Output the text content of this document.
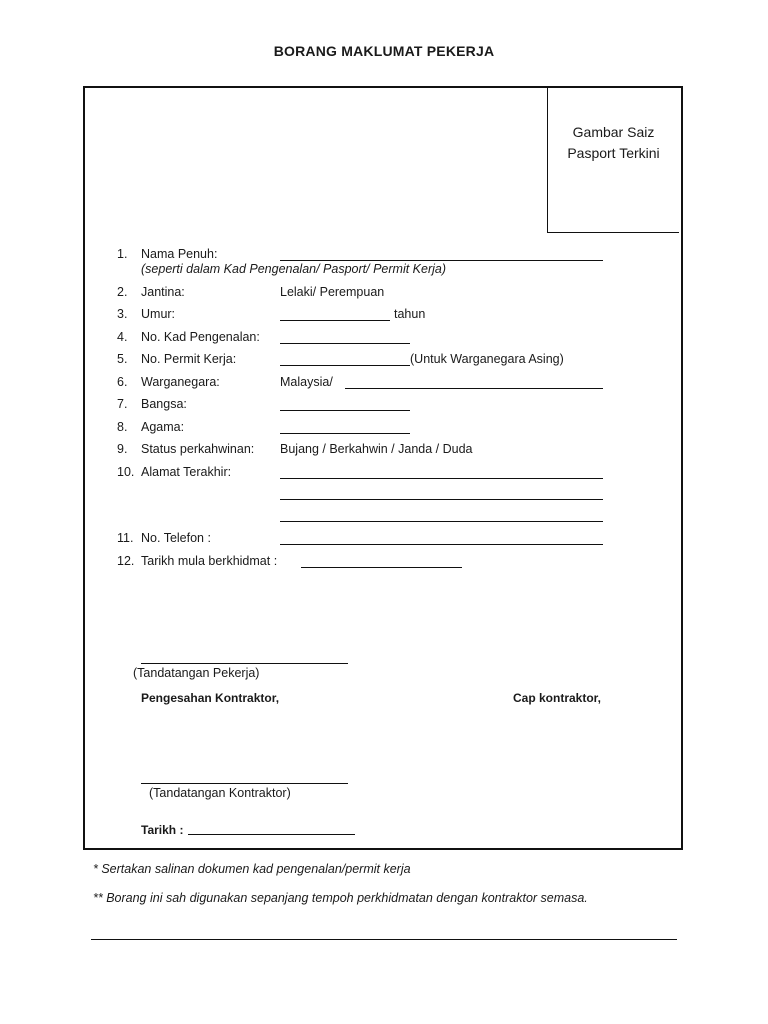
BORANG MAKLUMAT PEKERJA
Gambar Saiz
Pasport Terkini
1.	Nama Penuh:
(seperti dalam Kad Pengenalan/ Pasport/ Permit Kerja)
2.	Jantina:	Lelaki/ Perempuan
3.	Umur:	tahun
4.	No. Kad Pengenalan:
5.	No. Permit Kerja:	(Untuk Warganegara Asing)
6.	Warganegara:	Malaysia/
7.	Bangsa:
8.	Agama:
9.	Status perkahwinan: Bujang / Berkahwin / Janda / Duda
10. Alamat Terakhir:
11. No. Telefon :
12. Tarikh mula berkhidmat :
(Tandatangan Pekerja)
Pengesahan Kontraktor,	Cap kontraktor,
(Tandatangan Kontraktor)
Tarikh :
* Sertakan salinan dokumen kad pengenalan/permit kerja
** Borang ini sah digunakan sepanjang tempoh perkhidmatan dengan kontraktor semasa.
